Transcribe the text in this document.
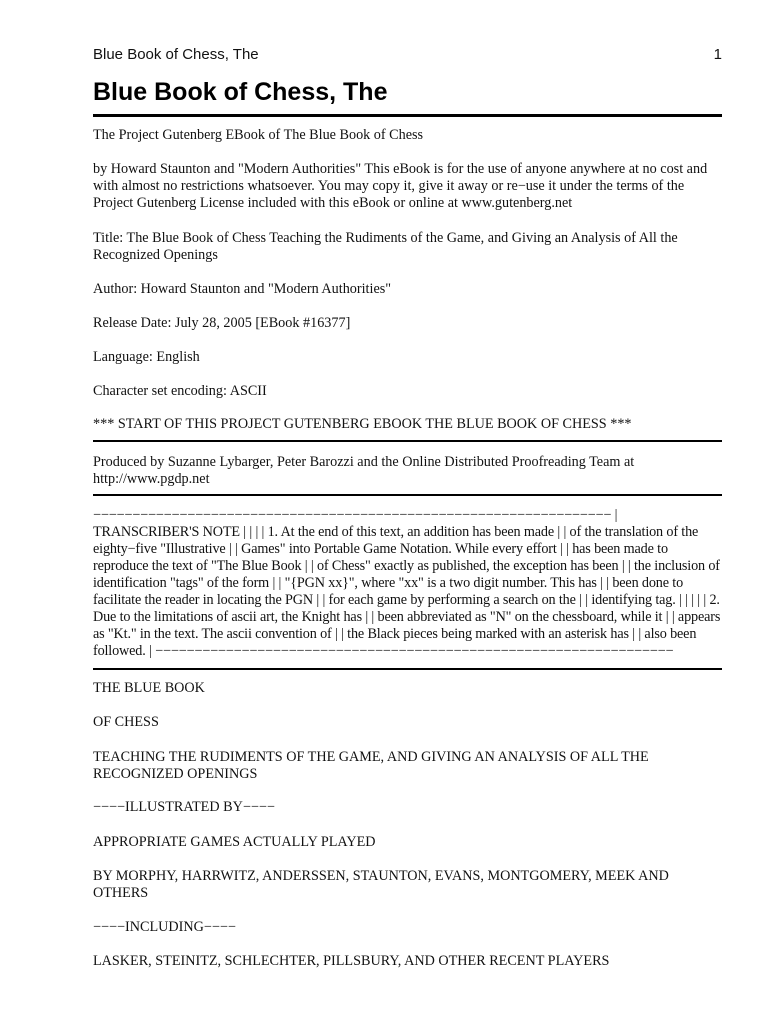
Blue Book of Chess, The	1
Blue Book of Chess, The

The Project Gutenberg EBook of The Blue Book of Chess

by Howard Staunton and "Modern Authorities" This eBook is for the use of anyone anywhere at no cost and with almost no restrictions whatsoever. You may copy it, give it away or re−use it under the terms of the Project Gutenberg License included with this eBook or online at www.gutenberg.net

Title: The Blue Book of Chess Teaching the Rudiments of the Game, and Giving an Analysis of All the Recognized Openings

Author: Howard Staunton and "Modern Authorities"

Release Date: July 28, 2005 [EBook #16377]

Language: English

Character set encoding: ASCII

*** START OF THIS PROJECT GUTENBERG EBOOK THE BLUE BOOK OF CHESS ***

Produced by Suzanne Lybarger, Peter Barozzi and the Online Distributed Proofreading Team at http://www.pgdp.net

−−−−−−−−−−−−−−−−−−−−−−−−−−−−−−−−−−−−−−−−−−−−−−−−−−−−−−−−−−−−−−−−−− | TRANSCRIBER'S NOTE | | | | 1. At the end of this text, an addition has been made | | of the translation of the eighty−five "Illustrative | | Games" into Portable Game Notation. While every effort | | has been made to reproduce the text of "The Blue Book | | of Chess" exactly as published, the exception has been | | the inclusion of identification "tags" of the form | | "{PGN xx}", where "xx" is a two digit number. This has | | been done to facilitate the reader in locating the PGN | | for each game by performing a search on the | | identifying tag. | | | | | 2. Due to the limitations of ascii art, the Knight has | | been abbreviated as "N" on the chessboard, while it | | appears as "Kt." in the text. The ascii convention of | | the Black pieces being marked with an asterisk has | | also been followed. | −−−−−−−−−−−−−−−−−−−−−−−−−−−−−−−−−−−−−−−−−−−−−−−−−−−−−−−−−−−−−−−−−−

THE BLUE BOOK

OF CHESS

TEACHING THE RUDIMENTS OF THE GAME, AND GIVING AN ANALYSIS OF ALL THE RECOGNIZED OPENINGS

−−−−ILLUSTRATED BY−−−−

APPROPRIATE GAMES ACTUALLY PLAYED

BY MORPHY, HARRWITZ, ANDERSSEN, STAUNTON, EVANS, MONTGOMERY, MEEK AND OTHERS

−−−−INCLUDING−−−−

LASKER, STEINITZ, SCHLECHTER, PILLSBURY, AND OTHER RECENT PLAYERS
